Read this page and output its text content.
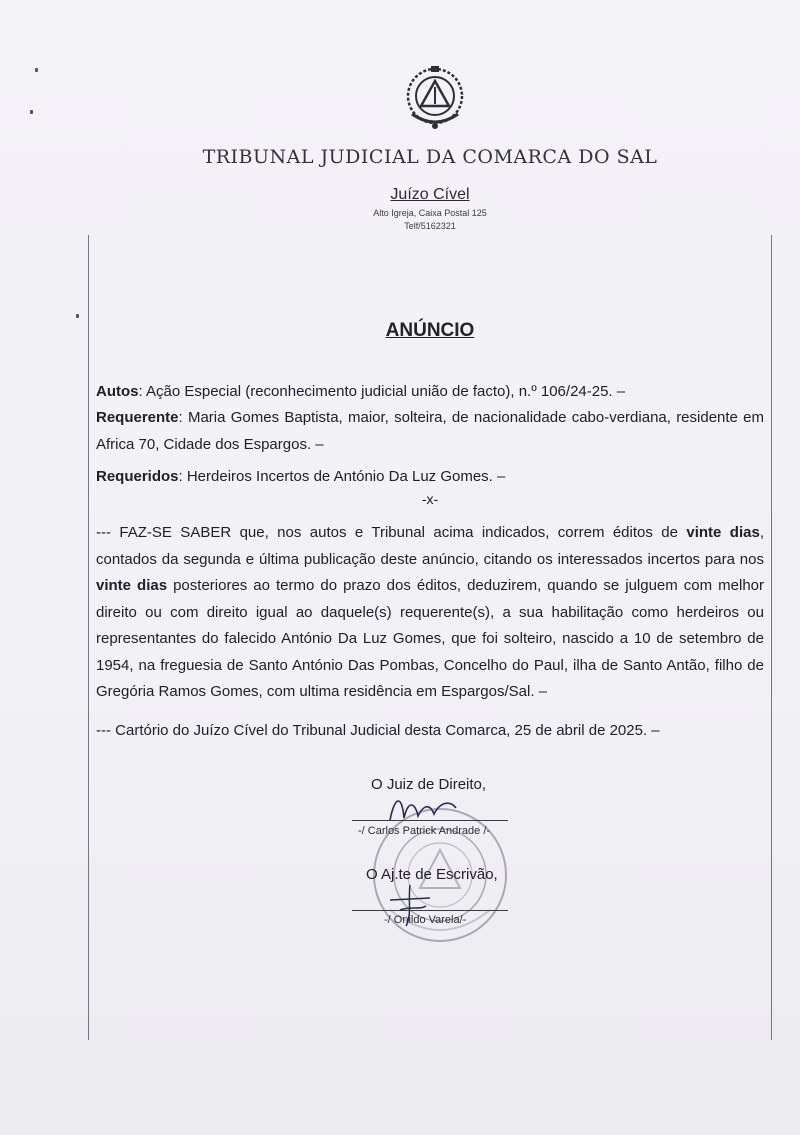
TRIBUNAL JUDICIAL DA COMARCA DO SAL
Juízo Cível
Alto Igreja, Caixa Postal 125
Telf/5162321
ANÚNCIO
Autos: Ação Especial (reconhecimento judicial união de facto), n.º 106/24-25. –
Requerente: Maria Gomes Baptista, maior, solteira, de nacionalidade cabo-verdiana, residente em Africa 70, Cidade dos Espargos. –
Requeridos: Herdeiros Incertos de António Da Luz Gomes. –
-x-
--- FAZ-SE SABER que, nos autos e Tribunal acima indicados, correm éditos de vinte dias, contados da segunda e última publicação deste anúncio, citando os interessados incertos para nos vinte dias posteriores ao termo do prazo dos éditos, deduzirem, quando se julguem com melhor direito ou com direito igual ao daquele(s) requerente(s), a sua habilitação como herdeiros ou representantes do falecido António Da Luz Gomes, que foi solteiro, nascido a 10 de setembro de 1954, na freguesia de Santo António Das Pombas, Concelho do Paul, ilha de Santo Antão, filho de Gregória Ramos Gomes, com ultima residência em Espargos/Sal. –
--- Cartório do Juízo Cível do Tribunal Judicial desta Comarca, 25 de abril de 2025. –
O Juiz de Direito,
-/ Carlos Patrick Andrade /-
O Aj.te de Escrivão,
-/ Onildo Varela/-
